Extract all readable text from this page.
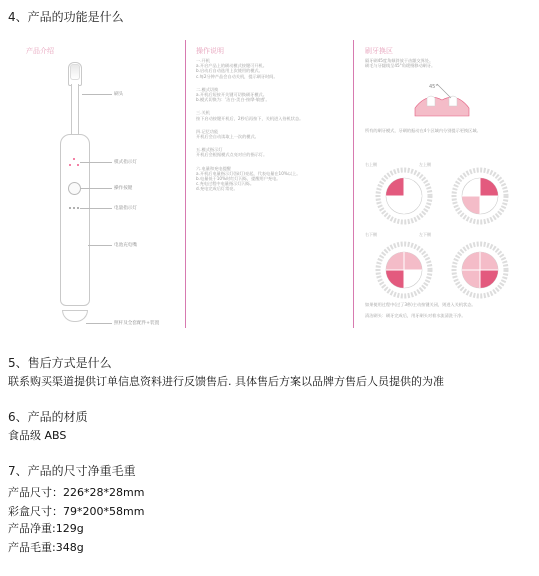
4、产品的功能是什么

产品介绍
刷头
模式指示灯
操作按键
电量指示灯
电池充电嘴
照杆及全套配件+装置
操作说明
一.开机
a.开启产品上的刷动模式按键可开机。
b.启动后自动选用上次使用的模式。
c.每2分钟产品会自动关机，提示刷牙时间。
二.模式切换
a.开机后短按开关键可切换刷牙模式。
b.模式切换为：'洁白-美白-按摩-敏感'。
三.关机
按下启动按键开机后，2秒后再按下，关机进入待机状态。
四.记忆功能
开机后会自动读取上一次的模式。
五.模式指示灯
开机后会根据模式点亮对应的指示灯。
六.电量和充电提醒
a.开机后电量指示灯(绿灯)亮起，代表电量在10%以上。
b.电量低于10%时红灯闪烁，提醒用户充电。
c.充电过程中电量指示灯闪烁。
d.充电完成后灯常亮。
刷牙换区
隔牙刷45度角倾斜放于齿龈交界处。
刷毛与牙龈线呈45°角缓慢移动刷牙。
45°
所有的刷牙模式，牙刷的振动在4个区域内分别提示更换区域。
右上侧	左上侧
右下侧	左下侧
如果使用过程中(过了3秒)主动按键关闭，则进入关机状态。
清洁刷头：刷牙完成后，用牙刷头对着水流清洗干净。

5、售后方式是什么

联系购买渠道提供订单信息资料进行反馈售后. 具体售后方案以品牌方售后人员提供的为准

6、产品的材质

食品级 ABS

7、产品的尺寸净重毛重

产品尺寸：226*28*28mm
彩盒尺寸：79*200*58mm
产品净重:129g
产品毛重:348g
